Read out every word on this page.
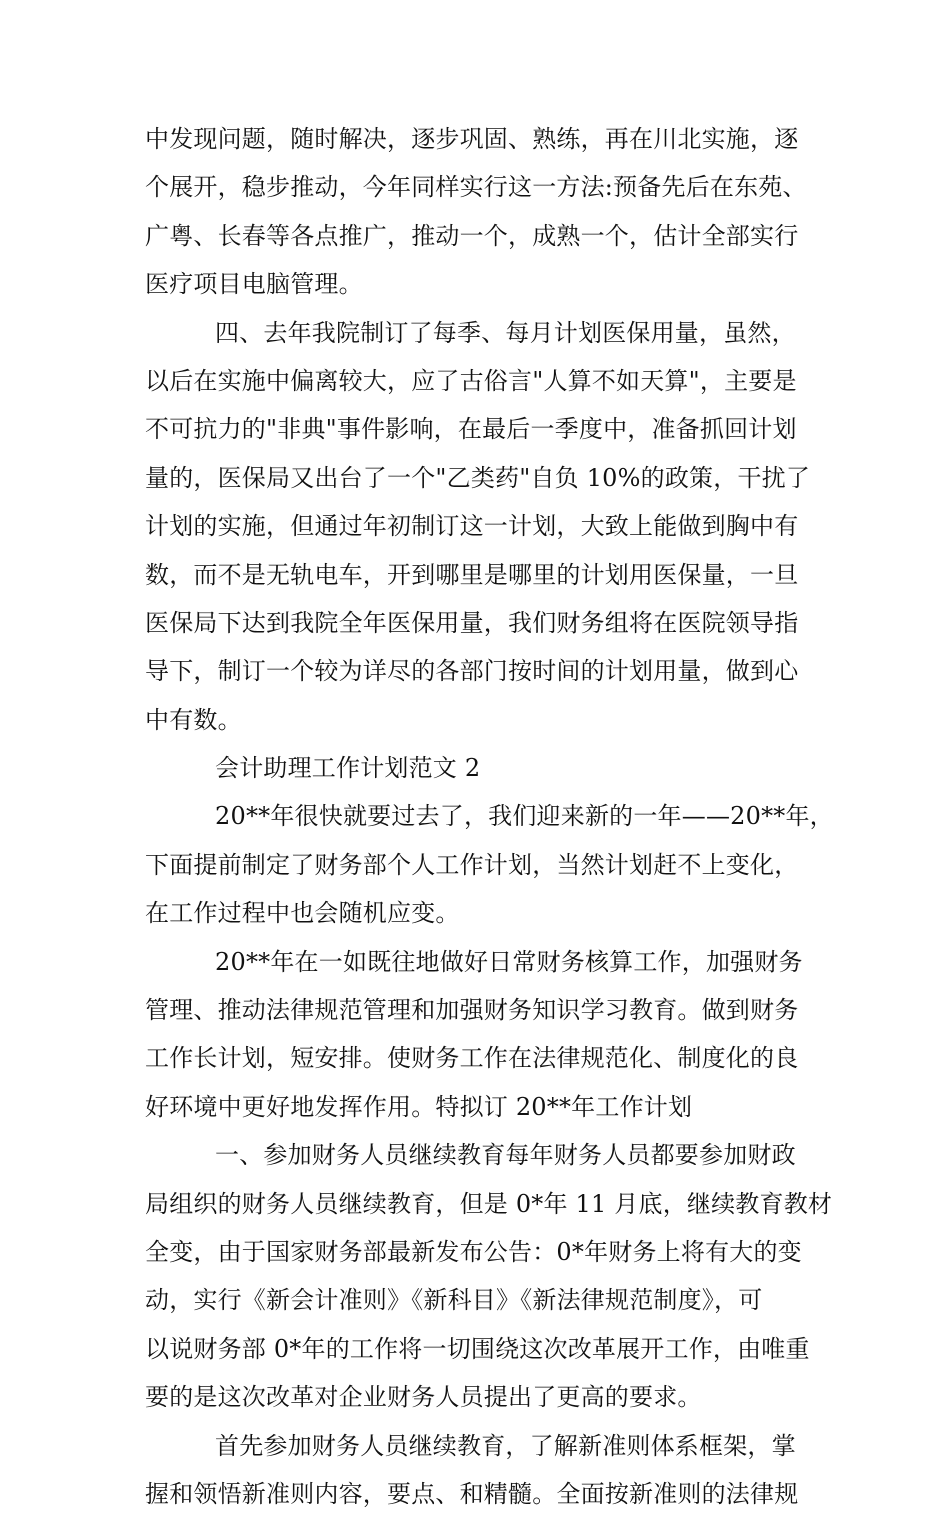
中发现问题，随时解决，逐步巩固、熟练，再在川北实施，逐
个展开，稳步推动，今年同样实行这一方法:预备先后在东苑、
广粤、长春等各点推广，推动一个，成熟一个，估计全部实行
医疗项目电脑管理。
四、去年我院制订了每季、每月计划医保用量，虽然，
以后在实施中偏离较大，应了古俗言"人算不如天算"，主要是
不可抗力的"非典"事件影响，在最后一季度中，准备抓回计划
量的，医保局又出台了一个"乙类药"自负 10%的政策，干扰了
计划的实施，但通过年初制订这一计划，大致上能做到胸中有
数，而不是无轨电车，开到哪里是哪里的计划用医保量，一旦
医保局下达到我院全年医保用量，我们财务组将在医院领导指
导下，制订一个较为详尽的各部门按时间的计划用量，做到心
中有数。
会计助理工作计划范文 2
20**年很快就要过去了，我们迎来新的一年——20**年，
下面提前制定了财务部个人工作计划，当然计划赶不上变化，
在工作过程中也会随机应变。
20**年在一如既往地做好日常财务核算工作，加强财务
管理、推动法律规范管理和加强财务知识学习教育。做到财务
工作长计划，短安排。使财务工作在法律规范化、制度化的良
好环境中更好地发挥作用。特拟订 20**年工作计划
一、参加财务人员继续教育每年财务人员都要参加财政
局组织的财务人员继续教育，但是 0*年 11 月底，继续教育教材
全变，由于国家财务部最新发布公告：0*年财务上将有大的变
动，实行《新会计准则》《新科目》《新法律规范制度》，可
以说财务部 0*年的工作将一切围绕这次改革展开工作，由唯重
要的是这次改革对企业财务人员提出了更高的要求。
首先参加财务人员继续教育，了解新准则体系框架，掌
握和领悟新准则内容，要点、和精髓。全面按新准则的法律规
